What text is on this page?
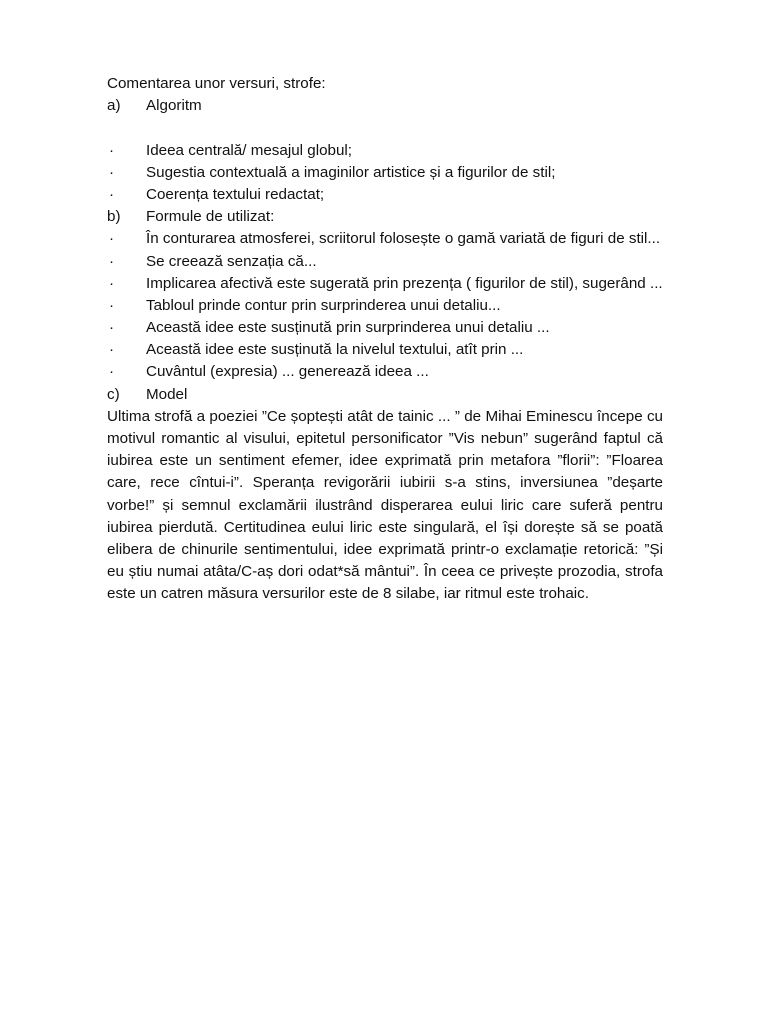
Comentarea unor versuri, strofe:
a) Algoritm
· Ideea centrală/ mesajul globul;
· Sugestia contextuală a imaginilor artistice și a figurilor de stil;
· Coerența textului redactat;
b) Formule de utilizat:
· În conturarea atmosferei, scriitorul folosește o gamă variată de figuri de stil...
· Se creează senzația că...
· Implicarea afectivă este sugerată prin prezența ( figurilor de stil), sugerând ...
· Tabloul prinde contur prin surprinderea unui detaliu...
· Această idee este susținută prin surprinderea unui detaliu ...
· Această idee este susținută la nivelul textului, atît prin ...
· Cuvântul (expresia) ... generează ideea ...
c) Model

Ultima strofă a poeziei ”Ce șoptești atât de tainic ... ” de Mihai Eminescu începe cu motivul romantic al visului, epitetul personificator ”Vis nebun” sugerând faptul că iubirea este un sentiment efemer, idee exprimată prin metafora ”florii”: ”Floarea care, rece cîntui-i”. Speranța revigorării iubirii s-a stins, inversiunea ”deșarte vorbe!” și semnul exclamării ilustrând disperarea eului liric care suferă pentru iubirea pierdută. Certitudinea eului liric este singulară, el își dorește să se poată elibera de chinurile sentimentului, idee exprimată printr-o exclamație retorică: ”Și eu știu numai atâta/C-aș dori odat*să mântui”. În ceea ce privește prozodia, strofa este un catren măsura versurilor este de 8 silabe, iar ritmul este trohaic.
